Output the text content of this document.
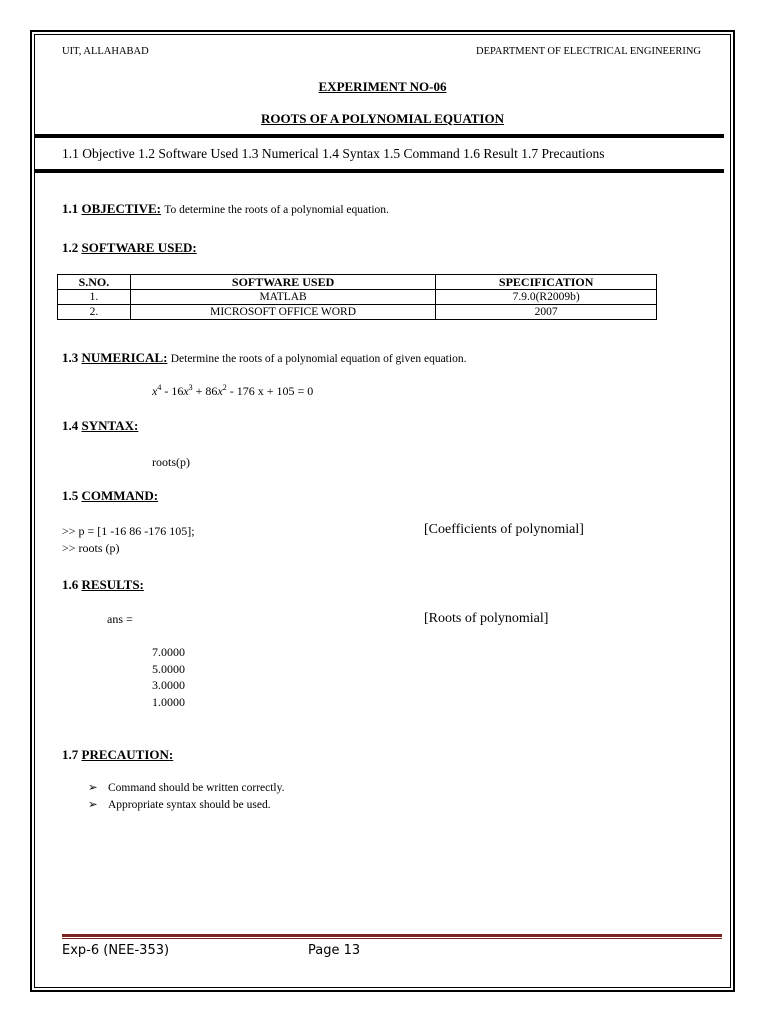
UIT, ALLAHABAD	DEPARTMENT OF ELECTRICAL ENGINEERING
EXPERIMENT NO-06
ROOTS OF A POLYNOMIAL EQUATION
1.1 Objective 1.2 Software Used 1.3 Numerical 1.4 Syntax 1.5 Command 1.6 Result 1.7 Precautions
1.1 OBJECTIVE: To determine the roots of a polynomial equation.
1.2 SOFTWARE USED:
S.NO.	SOFTWARE USED	SPECIFICATION
1.	MATLAB	7.9.0(R2009b)
2.	MICROSOFT OFFICE WORD	2007
1.3 NUMERICAL: Determine the roots of a polynomial equation of given equation.
$x^4 - 16x^3 + 86x^2 - 176$ x + 105 = 0
1.4 SYNTAX:
roots(p)
1.5 COMMAND:
>> p = [1 -16 86 -176 105];	[Coefficients of polynomial]
>> roots (p)
1.6 RESULTS:
ans =	[Roots of polynomial]
7.0000
5.0000
3.0000
1.0000
1.7 PRECAUTION:
➢ Command should be written correctly.
➢ Appropriate syntax should be used.
Exp-6 (NEE-353)	Page 13
